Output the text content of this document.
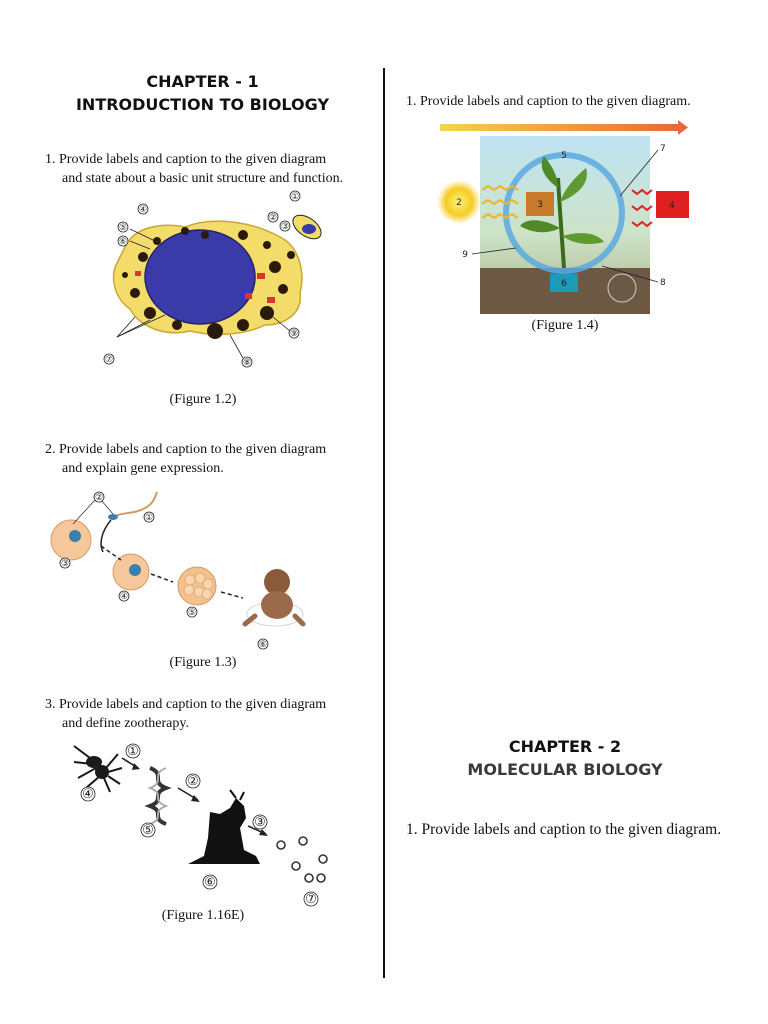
CHAPTER - 1
INTRODUCTION TO BIOLOGY
1. Provide labels and caption to the given diagram
and state about a basic unit structure and function.
①
②
③
④
⑤
⑥
⑦	⑧
⑨
(Figure 1.2)
2. Provide labels and caption to the given diagram
and explain gene expression.
②
①
③
④
⑤
⑥
(Figure 1.3)
3. Provide labels and caption to the given diagram
and define zootherapy.
①
②
③
④
⑤
⑥
⑦
(Figure 1.16E)
1. Provide labels and caption to the given diagram.
2	3	4
5
6
7
8
9
(Figure 1.4)
CHAPTER - 2
MOLECULAR BIOLOGY
1. Provide labels and caption to the given diagram.
